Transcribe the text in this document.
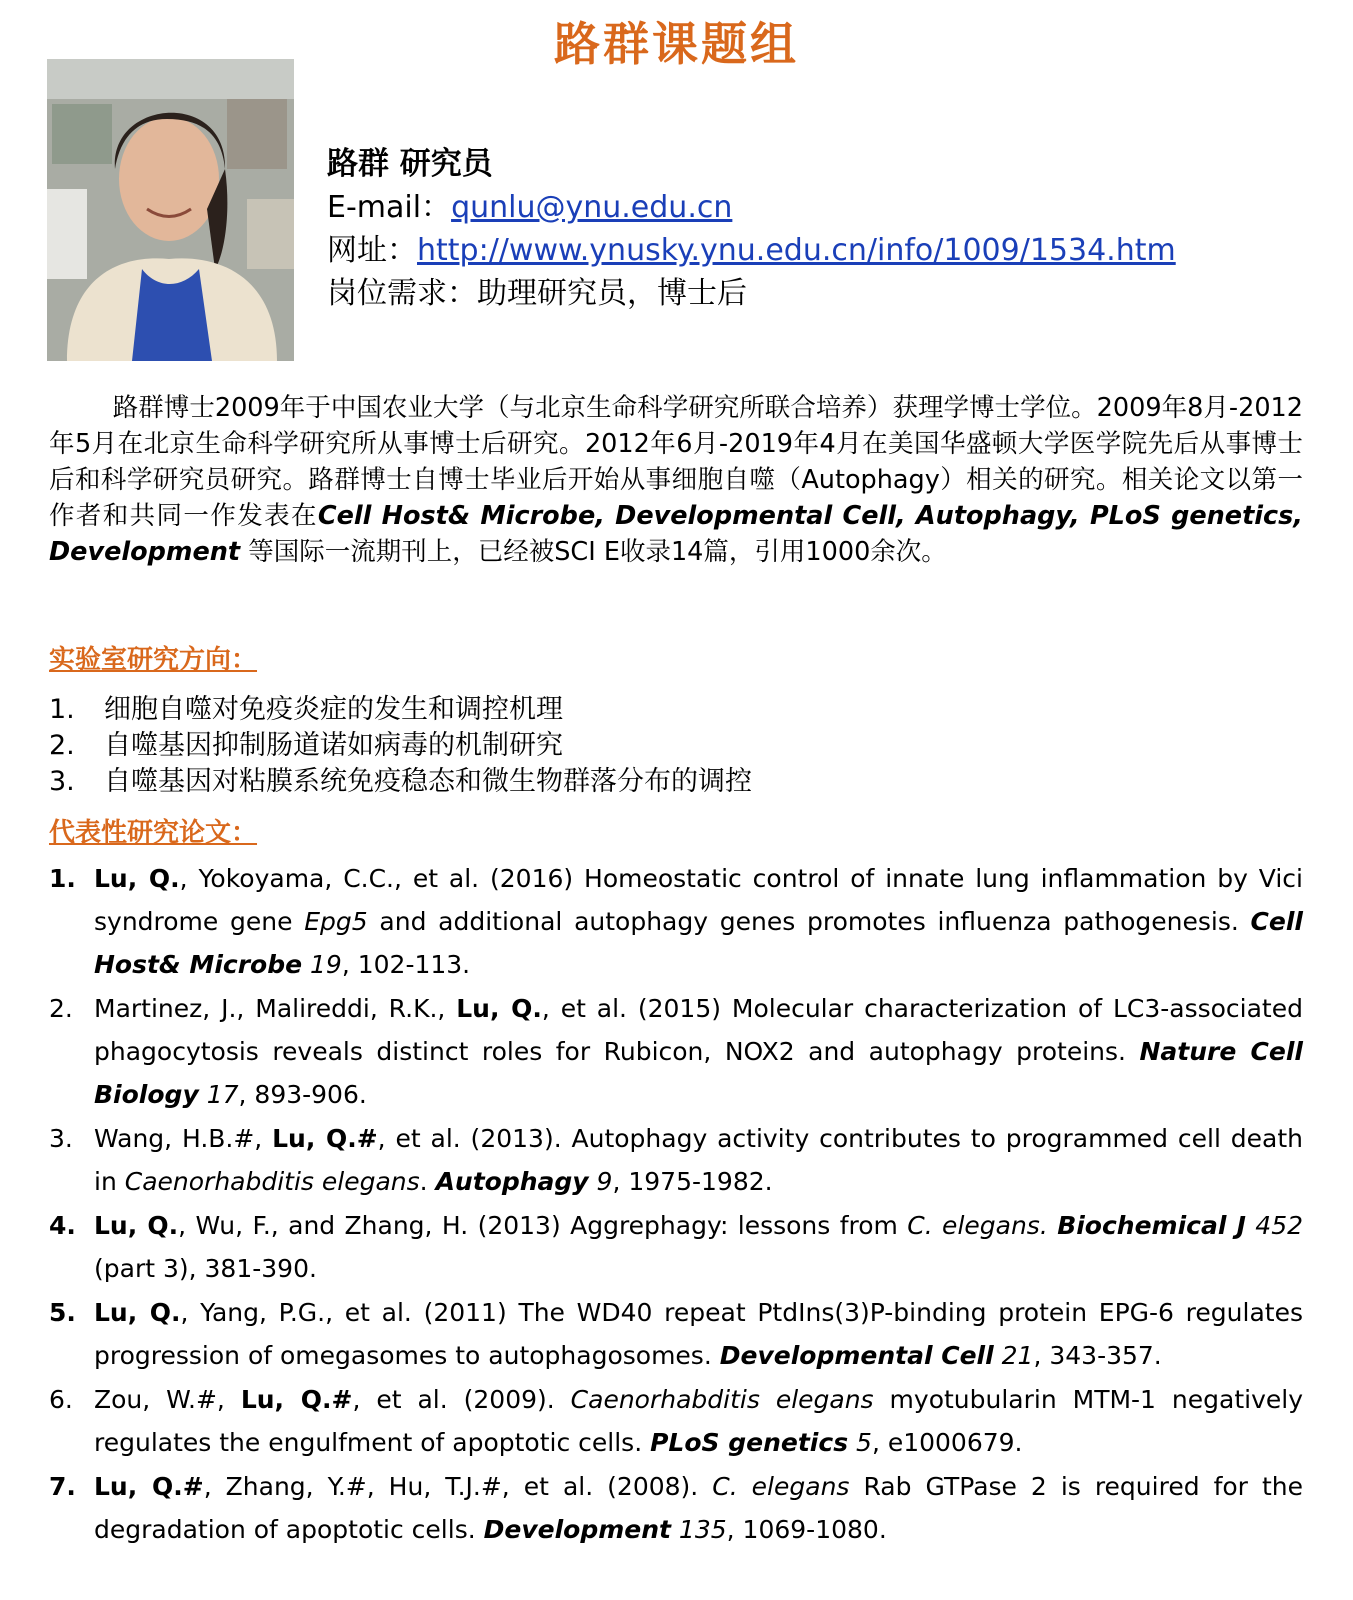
路群课题组
路群 研究员
E-mail：qunlu@ynu.edu.cn
网址：http://www.ynusky.ynu.edu.cn/info/1009/1534.htm
岗位需求：助理研究员，博士后
路群博士2009年于中国农业大学（与北京生命科学研究所联合培养）获理学博士学位。2009年8月-2012年5月在北京生命科学研究所从事博士后研究。2012年6月-2019年4月在美国华盛顿大学医学院先后从事博士后和科学研究员研究。路群博士自博士毕业后开始从事细胞自噬（Autophagy）相关的研究。相关论文以第一作者和共同一作发表在Cell Host& Microbe, Developmental Cell, Autophagy, PLoS genetics, Development 等国际一流期刊上，已经被SCI E收录14篇，引用1000余次。
实验室研究方向：
1.	细胞自噬对免疫炎症的发生和调控机理
2.	自噬基因抑制肠道诺如病毒的机制研究
3.	自噬基因对粘膜系统免疫稳态和微生物群落分布的调控
代表性研究论文：
1. Lu, Q., Yokoyama, C.C., et al. (2016) Homeostatic control of innate lung inflammation by Vici syndrome gene Epg5 and additional autophagy genes promotes influenza pathogenesis. Cell Host& Microbe 19, 102-113.
2. Martinez, J., Malireddi, R.K., Lu, Q., et al. (2015) Molecular characterization of LC3-associated phagocytosis reveals distinct roles for Rubicon, NOX2 and autophagy proteins. Nature Cell Biology 17, 893-906.
3. Wang, H.B.#, Lu, Q.#, et al. (2013). Autophagy activity contributes to programmed cell death in Caenorhabditis elegans. Autophagy 9, 1975-1982.
4. Lu, Q., Wu, F., and Zhang, H. (2013) Aggrephagy: lessons from C. elegans. Biochemical J 452 (part 3), 381-390.
5. Lu, Q., Yang, P.G., et al. (2011) The WD40 repeat PtdIns(3)P-binding protein EPG-6 regulates progression of omegasomes to autophagosomes. Developmental Cell 21, 343-357.
6. Zou, W.#, Lu, Q.#, et al. (2009). Caenorhabditis elegans myotubularin MTM-1 negatively regulates the engulfment of apoptotic cells. PLoS genetics 5, e1000679.
7. Lu, Q.#, Zhang, Y.#, Hu, T.J.#, et al. (2008). C. elegans Rab GTPase 2 is required for the degradation of apoptotic cells. Development 135, 1069-1080.
